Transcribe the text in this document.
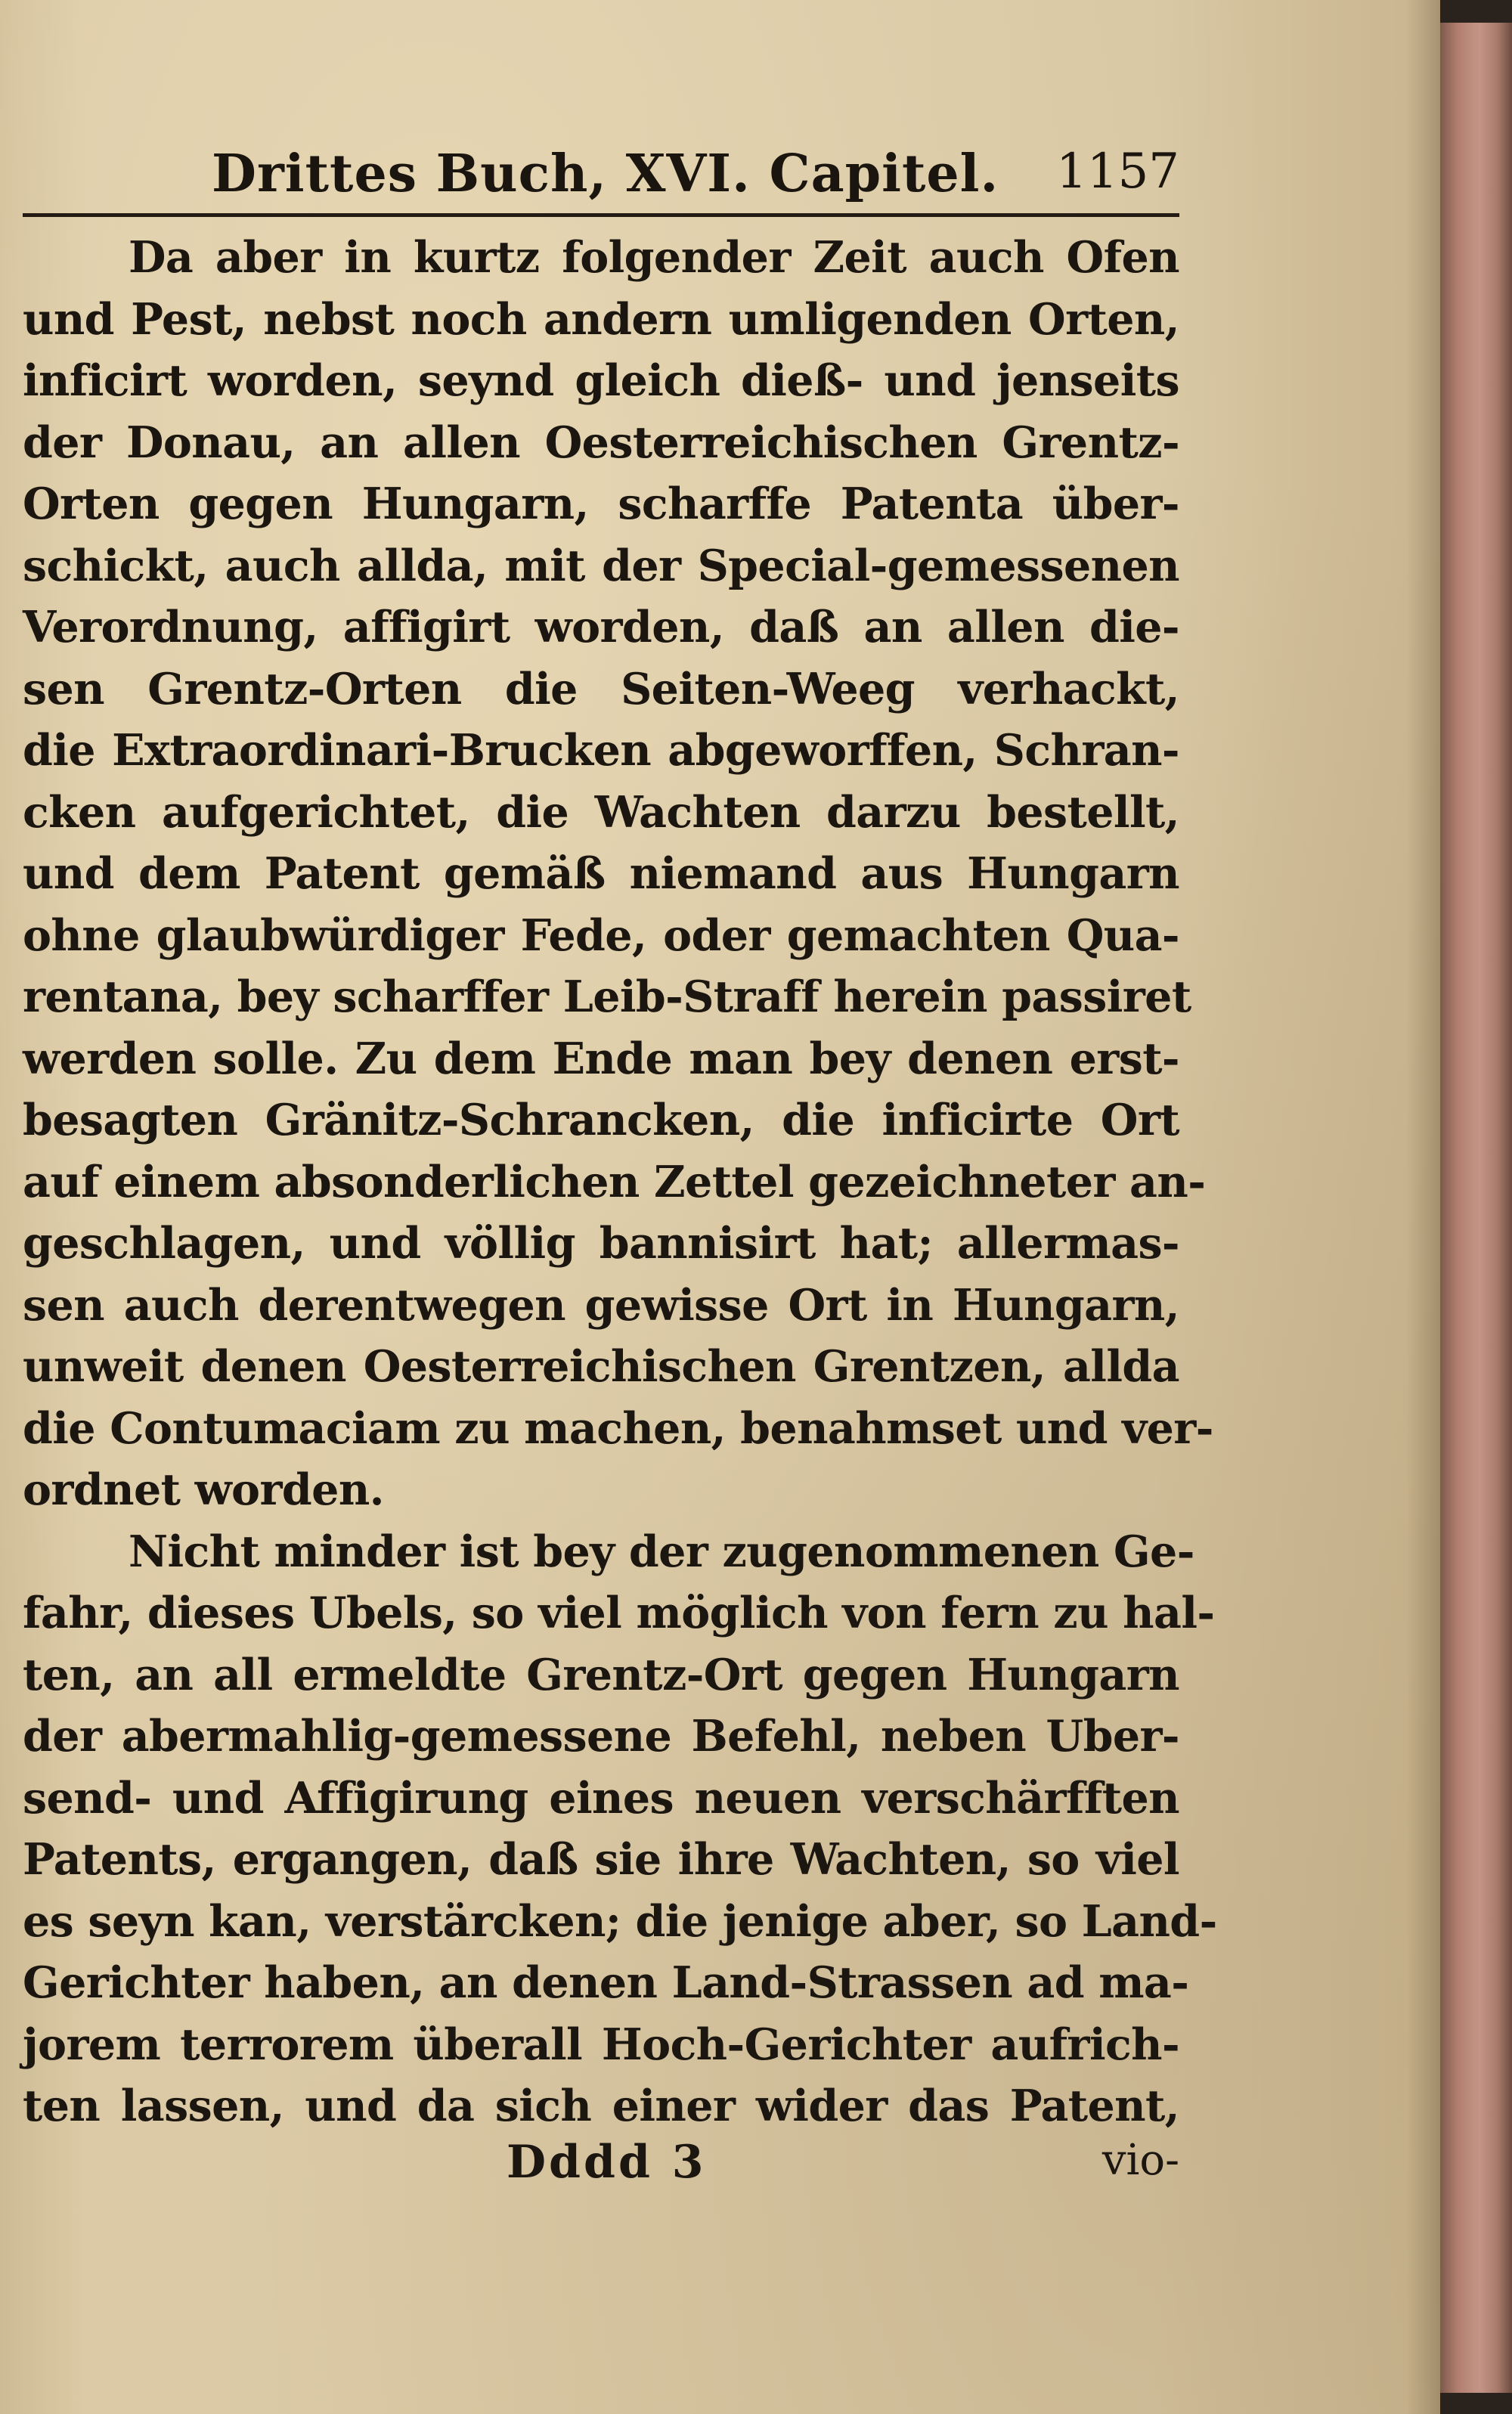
Drittes Buch, XVI. Capitel. 1157
Da aber in kurtz folgender Zeit auch Ofen
und Pest, nebst noch andern umligenden Orten,
inficirt worden, seynd gleich dieß- und jenseits
der Donau, an allen Oesterreichischen Grentz-
Orten gegen Hungarn, scharffe Patenta über-
schickt, auch allda, mit der Special-gemessenen
Verordnung, affigirt worden, daß an allen die-
sen Grentz-Orten die Seiten-Weeg verhackt,
die Extraordinari-Brucken abgeworffen, Schran-
cken aufgerichtet, die Wachten darzu bestellt,
und dem Patent gemäß niemand aus Hungarn
ohne glaubwürdiger Fede, oder gemachten Qua-
rentana, bey scharffer Leib-Straff herein passiret
werden solle. Zu dem Ende man bey denen erst-
besagten Gränitz-Schrancken, die inficirte Ort
auf einem absonderlichen Zettel gezeichneter an-
geschlagen, und völlig bannisirt hat; allermas-
sen auch derentwegen gewisse Ort in Hungarn,
unweit denen Oesterreichischen Grentzen, allda
die Contumaciam zu machen, benahmset und ver-
ordnet worden.
Nicht minder ist bey der zugenommenen Ge-
fahr, dieses Ubels, so viel möglich von fern zu hal-
ten, an all ermeldte Grentz-Ort gegen Hungarn
der abermahlig-gemessene Befehl, neben Uber-
send- und Affigirung eines neuen verschärfften
Patents, ergangen, daß sie ihre Wachten, so viel
es seyn kan, verstärcken; die jenige aber, so Land-
Gerichter haben, an denen Land-Strassen ad ma-
jorem terrorem überall Hoch-Gerichter aufrich-
ten lassen, und da sich einer wider das Patent,
Dddd 3	vio-
